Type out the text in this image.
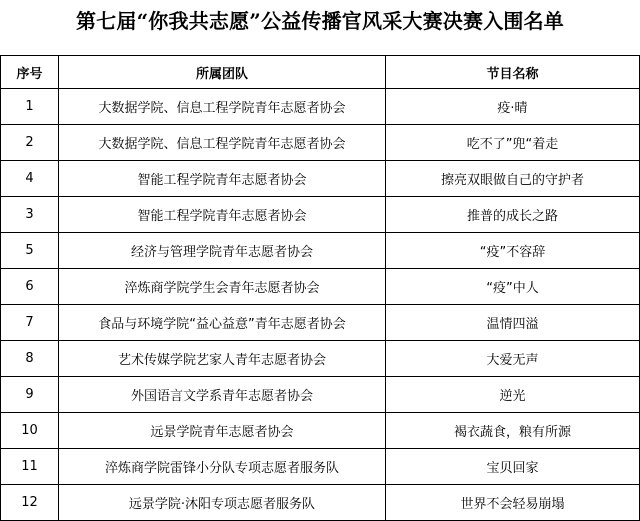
第七届“你我共志愿”公益传播官风采大赛决赛入围名单
序号	所属团队	节目名称
1	大数据学院、信息工程学院青年志愿者协会	疫·晴
2	大数据学院、信息工程学院青年志愿者协会	吃不了”兜“着走
4	智能工程学院青年志愿者协会	擦亮双眼做自己的守护者
3	智能工程学院青年志愿者协会	推普的成长之路
5	经济与管理学院青年志愿者协会	“疫”不容辞
6	淬炼商学院学生会青年志愿者协会	“疫”中人
7	食品与环境学院“益心益意”青年志愿者协会	温情四溢
8	艺术传媒学院艺家人青年志愿者协会	大爱无声
9	外国语言文学系青年志愿者协会	逆光
10	远景学院青年志愿者协会	褐衣蔬食，粮有所源
11	淬炼商学院雷锋小分队专项志愿者服务队	宝贝回家
12	远景学院·沐阳专项志愿者服务队	世界不会轻易崩塌
